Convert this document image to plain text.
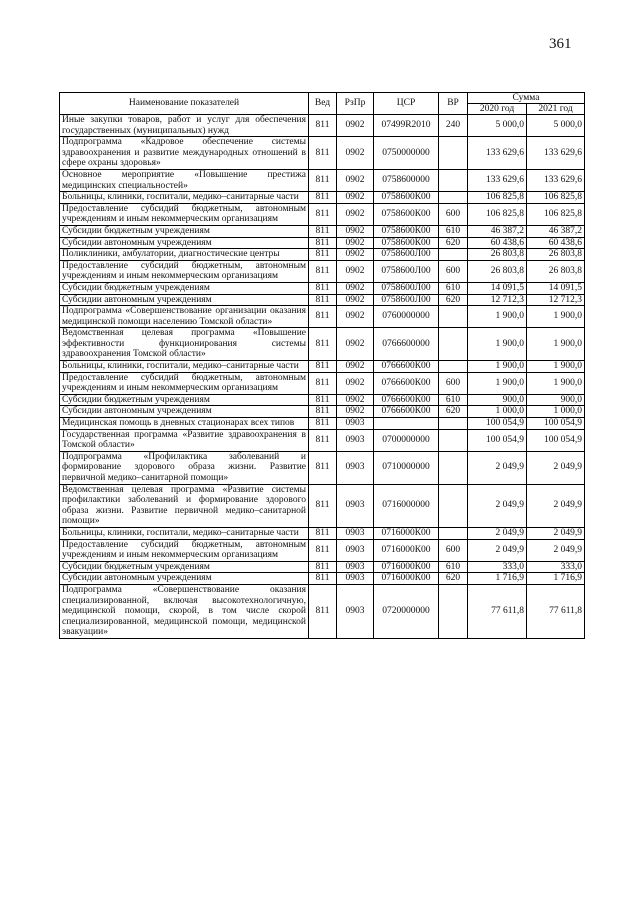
361
Наименование показателей	Вед	РзПр	ЦСР	ВР	Сумма	
					2020 год	2021 год
Иные закупки товаров, работ и услуг для обеспечения государственных (муниципальных) нужд	811	0902	07499R2010	240	5 000,0	5 000,0
Подпрограмма «Кадровое обеспечение системы здравоохранения и развитие международных отношений в сфере охраны здоровья»	811	0902	0750000000		133 629,6	133 629,6
Основное мероприятие «Повышение престижа медицинских специальностей»	811	0902	0758600000		133 629,6	133 629,6
Больницы, клиники, госпитали, медико–санитарные части	811	0902	0758600К00		106 825,8	106 825,8
Предоставление субсидий бюджетным, автономным учреждениям и иным некоммерческим организациям	811	0902	0758600К00	600	106 825,8	106 825,8
Субсидии бюджетным учреждениям	811	0902	0758600К00	610	46 387,2	46 387,2
Субсидии автономным учреждениям	811	0902	0758600К00	620	60 438,6	60 438,6
Поликлиники, амбулатории, диагностические центры	811	0902	0758600Л00		26 803,8	26 803,8
Предоставление субсидий бюджетным, автономным учреждениям и иным некоммерческим организациям	811	0902	0758600Л00	600	26 803,8	26 803,8
Субсидии бюджетным учреждениям	811	0902	0758600Л00	610	14 091,5	14 091,5
Субсидии автономным учреждениям	811	0902	0758600Л00	620	12 712,3	12 712,3
Подпрограмма «Совершенствование организации оказания медицинской помощи населению Томской области»	811	0902	0760000000		1 900,0	1 900,0
Ведомственная целевая программа «Повышение эффективности функционирования системы здравоохранения Томской области»	811	0902	0766600000		1 900,0	1 900,0
Больницы, клиники, госпитали, медико–санитарные части	811	0902	0766600К00		1 900,0	1 900,0
Предоставление субсидий бюджетным, автономным учреждениям и иным некоммерческим организациям	811	0902	0766600К00	600	1 900,0	1 900,0
Субсидии бюджетным учреждениям	811	0902	0766600К00	610	900,0	900,0
Субсидии автономным учреждениям	811	0902	0766600К00	620	1 000,0	1 000,0
Медицинская помощь в дневных стационарах всех типов	811	0903			100 054,9	100 054,9
Государственная программа «Развитие здравоохранения в Томской области»	811	0903	0700000000		100 054,9	100 054,9
Подпрограмма «Профилактика заболеваний и формирование здорового образа жизни. Развитие первичной медико–санитарной помощи»	811	0903	0710000000		2 049,9	2 049,9
Ведомственная целевая программа «Развитие системы профилактики заболеваний и формирование здорового образа жизни. Развитие первичной медико–санитарной помощи»	811	0903	0716000000		2 049,9	2 049,9
Больницы, клиники, госпитали, медико–санитарные части	811	0903	0716000К00		2 049,9	2 049,9
Предоставление субсидий бюджетным, автономным учреждениям и иным некоммерческим организациям	811	0903	0716000К00	600	2 049,9	2 049,9
Субсидии бюджетным учреждениям	811	0903	0716000К00	610	333,0	333,0
Субсидии автономным учреждениям	811	0903	0716000К00	620	1 716,9	1 716,9
Подпрограмма «Совершенствование оказания специализированной, включая высокотехнологичную, медицинской помощи, скорой, в том числе скорой специализированной, медицинской помощи, медицинской эвакуации»	811	0903	0720000000		77 611,8	77 611,8
